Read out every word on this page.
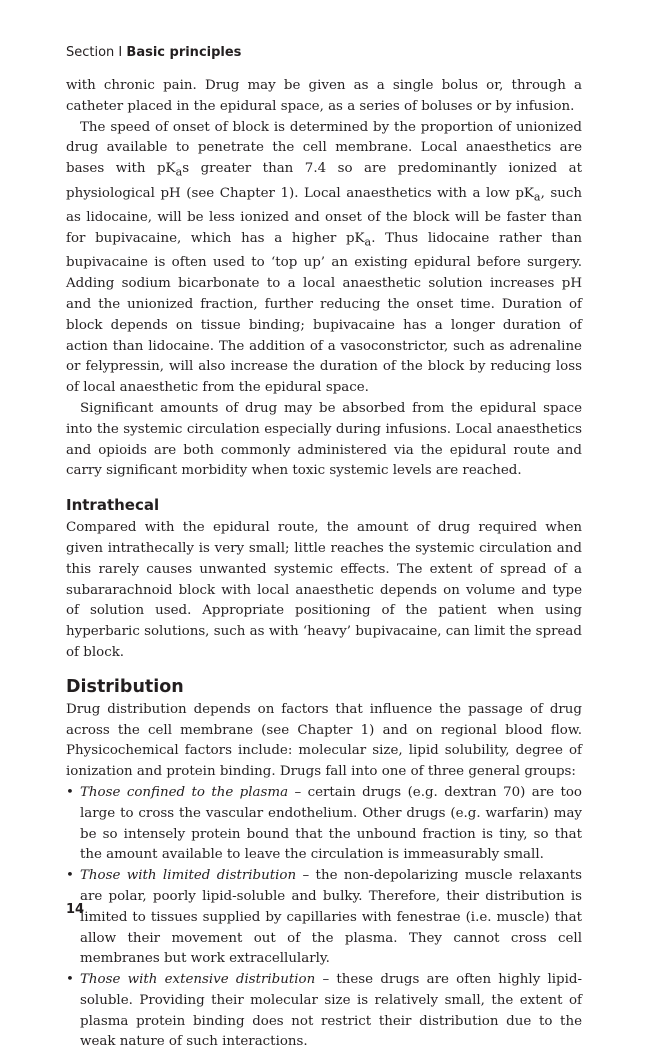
Section I Basic principles

with chronic pain. Drug may be given as a single bolus or, through a catheter placed in the epidural space, as a series of boluses or by infusion.

The speed of onset of block is determined by the proportion of unionized drug available to penetrate the cell membrane. Local anaesthetics are bases with $pK_as$ greater than 7.4 so are predominantly ionized at physiological pH (see Chapter 1). Local anaesthetics with a low $pK_a$, such as lidocaine, will be less ionized and onset of the block will be faster than for bupivacaine, which has a higher $pK_a$. Thus lidocaine rather than bupivacaine is often used to ‘top up’ an existing epidural before surgery. Adding sodium bicarbonate to a local anaesthetic solution increases pH and the unionized fraction, further reducing the onset time. Duration of block depends on tissue binding; bupivacaine has a longer duration of action than lidocaine. The addition of a vasoconstrictor, such as adrenaline or felypressin, will also increase the duration of the block by reducing loss of local anaesthetic from the epidural space.

Significant amounts of drug may be absorbed from the epidural space into the systemic circulation especially during infusions. Local anaesthetics and opioids are both commonly administered via the epidural route and carry significant morbidity when toxic systemic levels are reached.

Intrathecal

Compared with the epidural route, the amount of drug required when given intrathecally is very small; little reaches the systemic circulation and this rarely causes unwanted systemic effects. The extent of spread of a subararachnoid block with local anaesthetic depends on volume and type of solution used. Appropriate positioning of the patient when using hyperbaric solutions, such as with ‘heavy’ bupivacaine, can limit the spread of block.

Distribution

Drug distribution depends on factors that influence the passage of drug across the cell membrane (see Chapter 1) and on regional blood flow. Physicochemical factors include: molecular size, lipid solubility, degree of ionization and protein binding. Drugs fall into one of three general groups:

• Those confined to the plasma – certain drugs (e.g. dextran 70) are too large to cross the vascular endothelium. Other drugs (e.g. warfarin) may be so intensely protein bound that the unbound fraction is tiny, so that the amount available to leave the circulation is immeasurably small.
• Those with limited distribution – the non-depolarizing muscle relaxants are polar, poorly lipid-soluble and bulky. Therefore, their distribution is limited to tissues supplied by capillaries with fenestrae (i.e. muscle) that allow their movement out of the plasma. They cannot cross cell membranes but work extracellularly.
• Those with extensive distribution – these drugs are often highly lipid-soluble. Providing their molecular size is relatively small, the extent of plasma protein binding does not restrict their distribution due to the weak nature of such interactions.
14
